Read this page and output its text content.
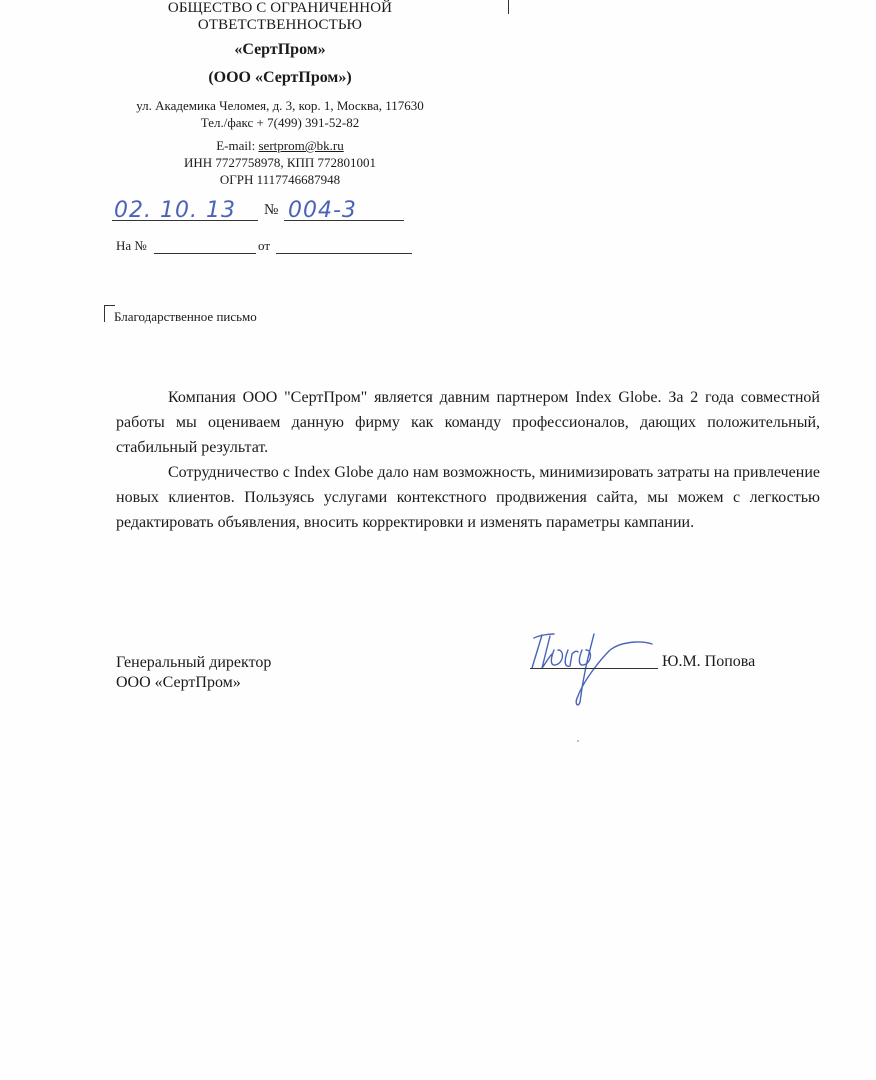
ОБЩЕСТВО С ОГРАНИЧЕННОЙ
ОТВЕТСТВЕННОСТЬЮ
«СертПром»
(ООО «СертПром»)
ул. Академика Челомея, д. 3, кор. 1, Москва, 117630
Тел./факс + 7(499) 391-52-82
E-mail: sertprom@bk.ru
ИНН 7727758978, КПП 772801001
ОГРН 1117746687948
02. 10. 13 № 004-3
На №	от
Благодарственное письмо

Компания ООО "СертПром" является давним партнером Index Globe. За 2 года совместной работы мы оцениваем данную фирму как команду профессионалов, дающих положительный, стабильный результат.

Сотрудничество с Index Globe дало нам возможность, минимизировать затраты на привлечение новых клиентов. Пользуясь услугами контекстного продвижения сайта, мы можем с легкостью редактировать объявления, вносить корректировки и изменять параметры кампании.

Генеральный директор
ООО «СертПром»
Ю.М. Попова
